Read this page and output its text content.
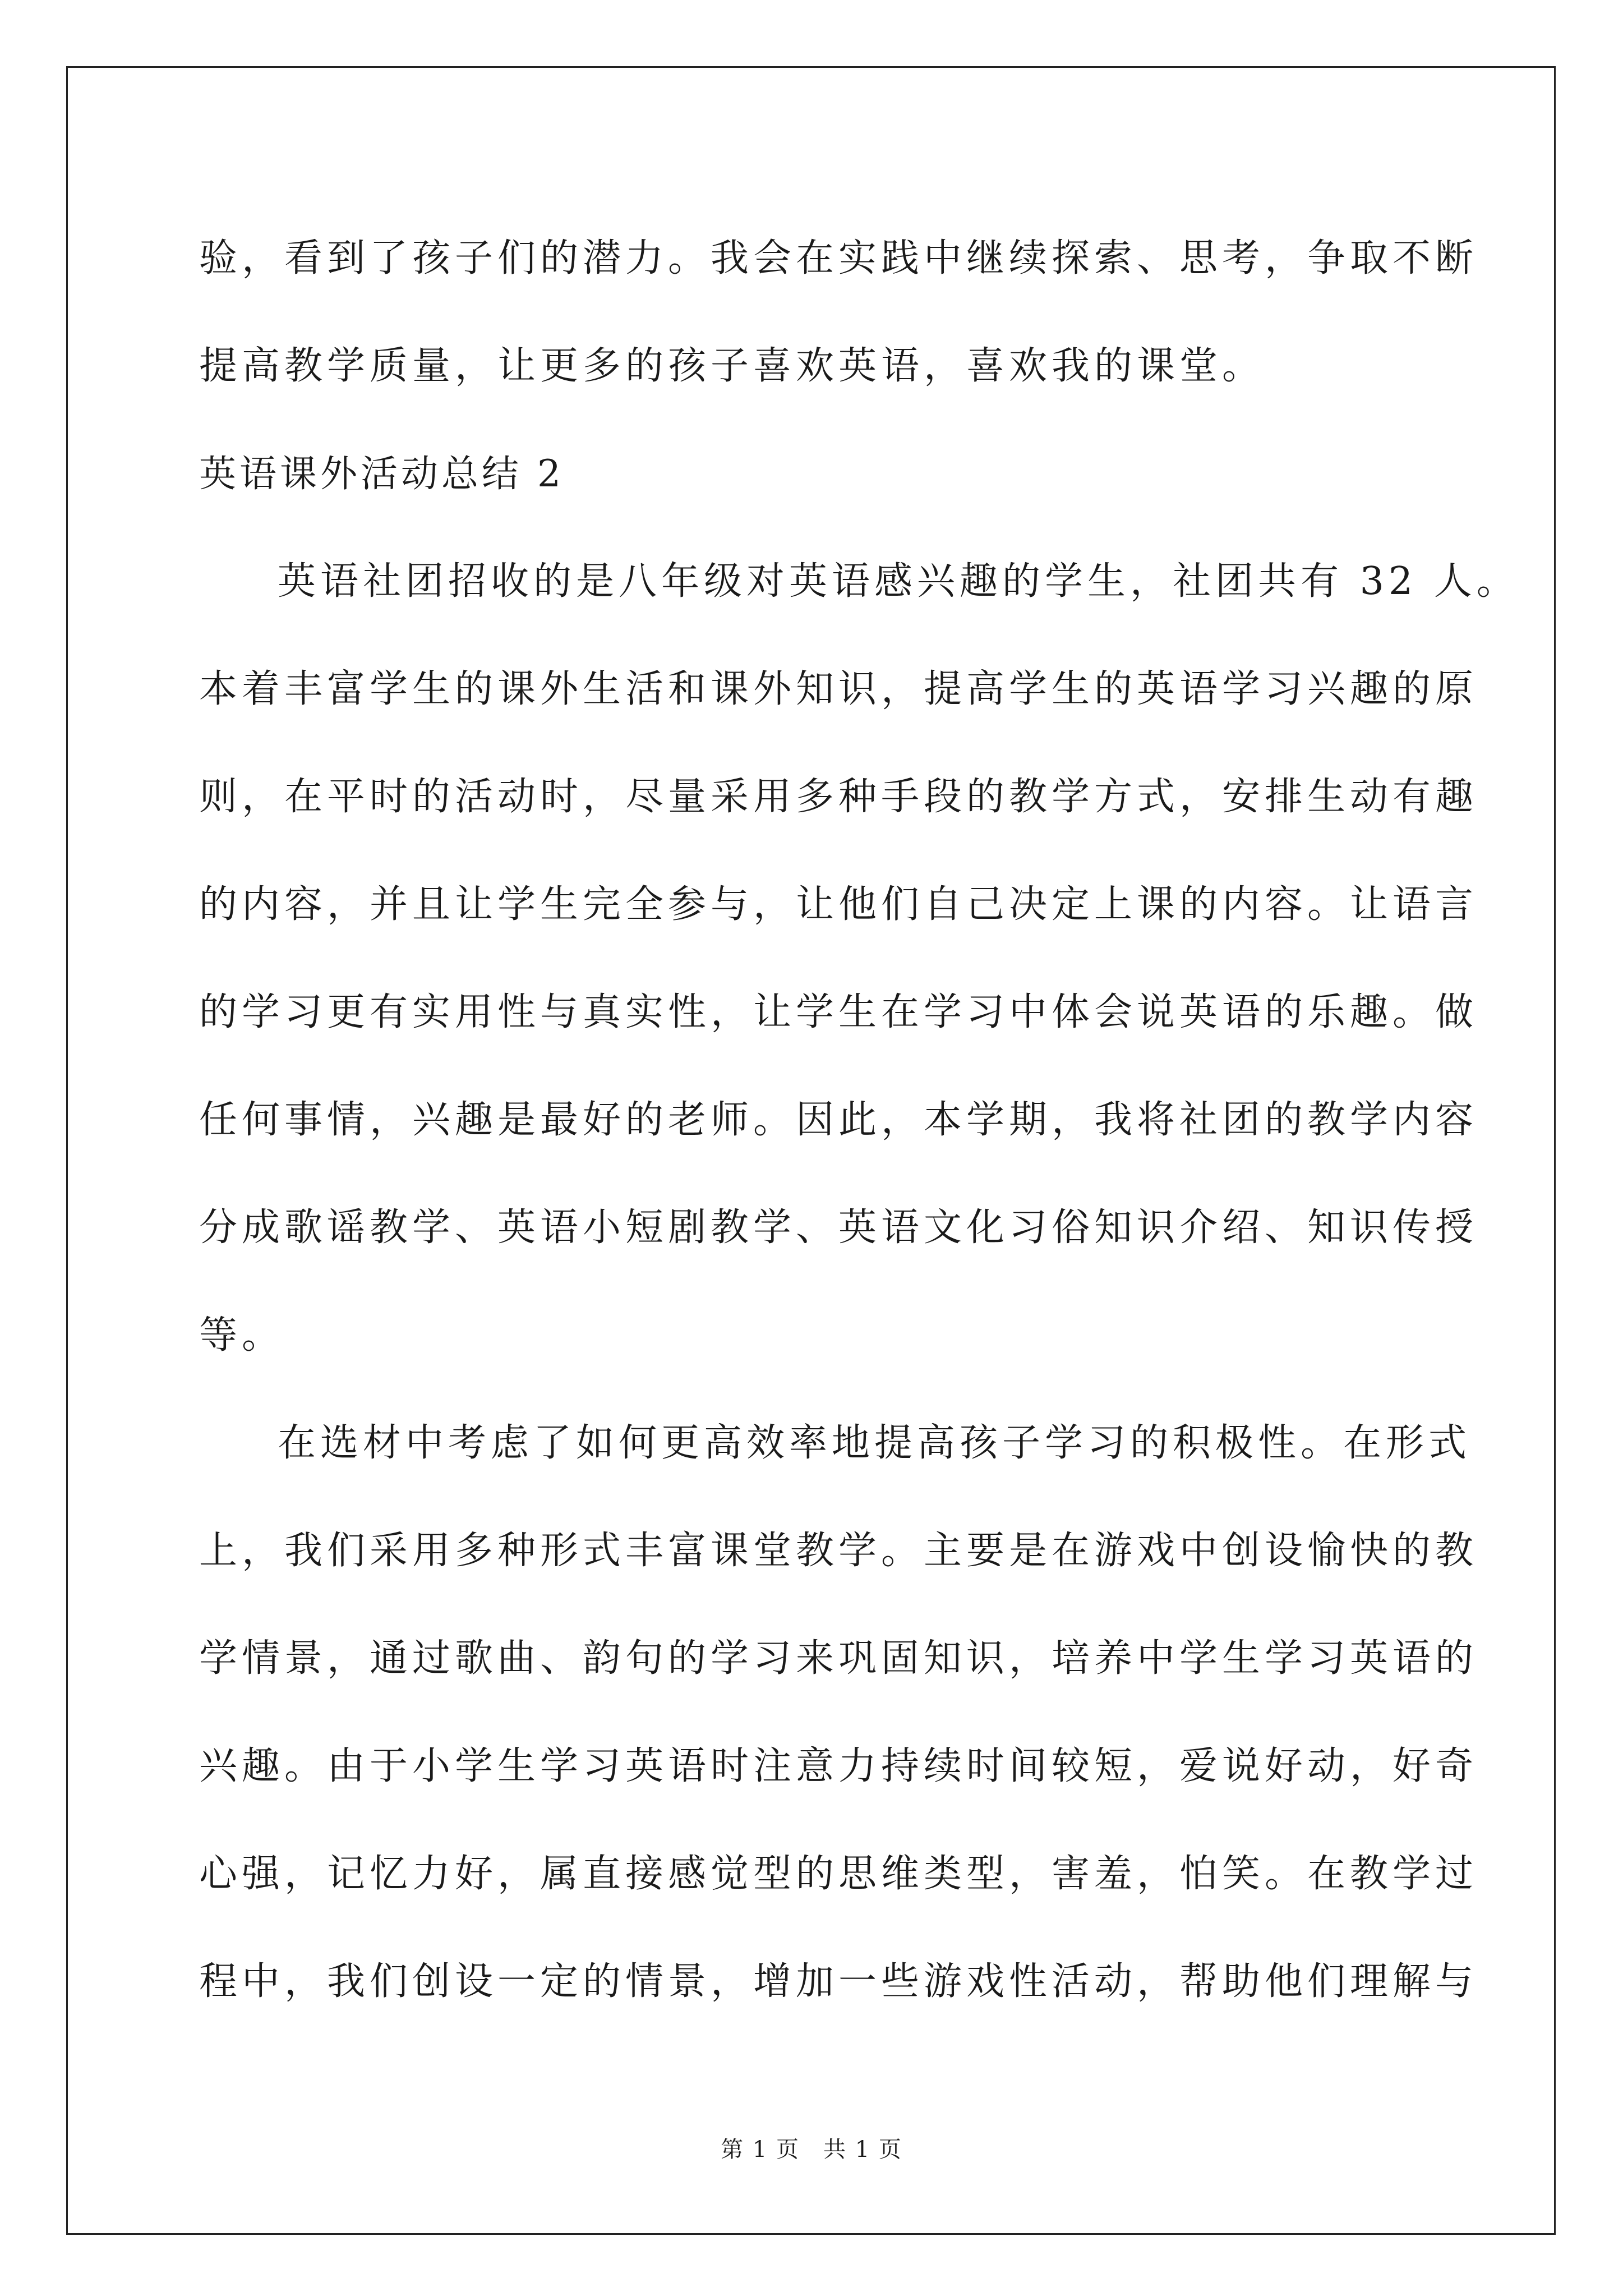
验，看到了孩子们的潜力。我会在实践中继续探索、思考，争取不断
提高教学质量，让更多的孩子喜欢英语，喜欢我的课堂。
英语课外活动总结 2
英语社团招收的是八年级对英语感兴趣的学生，社团共有 32 人。
本着丰富学生的课外生活和课外知识，提高学生的英语学习兴趣的原
则，在平时的活动时，尽量采用多种手段的教学方式，安排生动有趣
的内容，并且让学生完全参与，让他们自己决定上课的内容。让语言
的学习更有实用性与真实性，让学生在学习中体会说英语的乐趣。做
任何事情，兴趣是最好的老师。因此，本学期，我将社团的教学内容
分成歌谣教学、英语小短剧教学、英语文化习俗知识介绍、知识传授
等。
在选材中考虑了如何更高效率地提高孩子学习的积极性。在形式
上，我们采用多种形式丰富课堂教学。主要是在游戏中创设愉快的教
学情景，通过歌曲、韵句的学习来巩固知识，培养中学生学习英语的
兴趣。由于小学生学习英语时注意力持续时间较短，爱说好动，好奇
心强，记忆力好，属直接感觉型的思维类型，害羞，怕笑。在教学过
程中，我们创设一定的情景，增加一些游戏性活动，帮助他们理解与
第 1 页　共 1 页
